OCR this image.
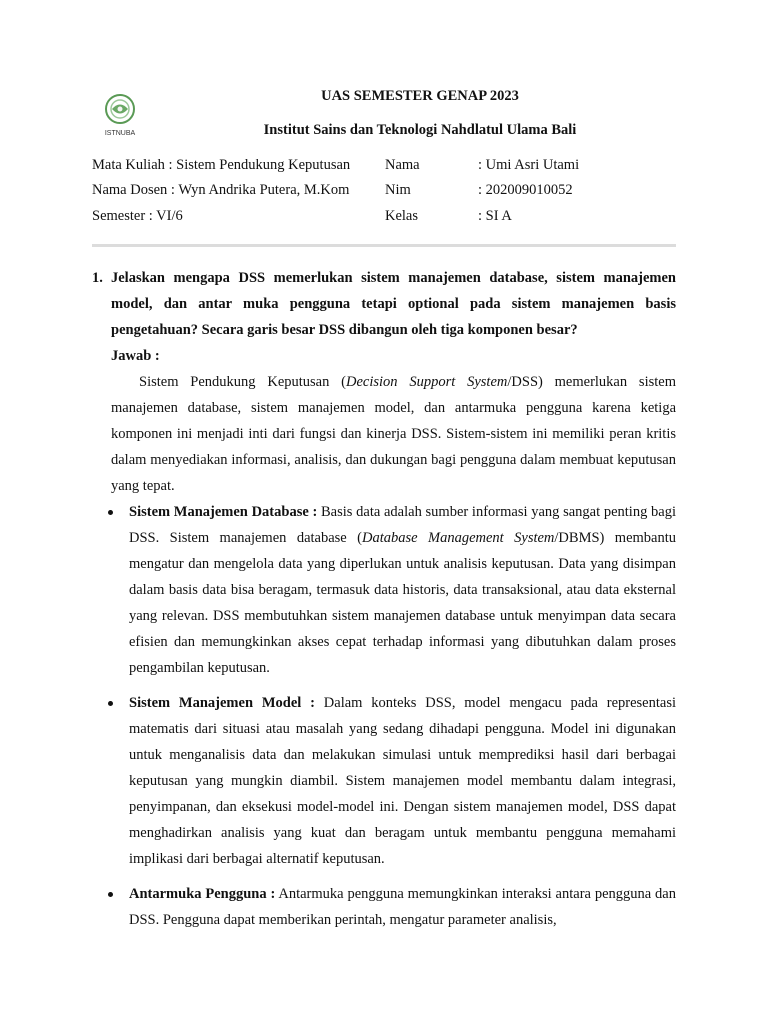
ISTNUBA
UAS SEMESTER GENAP 2023
Institut Sains dan Teknologi Nahdlatul Ulama Bali
Mata Kuliah : Sistem Pendukung Keputusan
Nama Dosen : Wyn Andrika Putera, M.Kom
Semester : VI/6
Nama
Nim
Kelas
: Umi Asri Utami
: 202009010052
: SI A
1. Jelaskan mengapa DSS memerlukan sistem manajemen database, sistem manajemen model, dan antar muka pengguna tetapi optional pada sistem manajemen basis pengetahuan? Secara garis besar DSS dibangun oleh tiga komponen besar?
Jawab :
Sistem Pendukung Keputusan (Decision Support System/DSS) memerlukan sistem manajemen database, sistem manajemen model, dan antarmuka pengguna karena ketiga komponen ini menjadi inti dari fungsi dan kinerja DSS. Sistem-sistem ini memiliki peran kritis dalam menyediakan informasi, analisis, dan dukungan bagi pengguna dalam membuat keputusan yang tepat.
Sistem Manajemen Database : Basis data adalah sumber informasi yang sangat penting bagi DSS. Sistem manajemen database (Database Management System/DBMS) membantu mengatur dan mengelola data yang diperlukan untuk analisis keputusan. Data yang disimpan dalam basis data bisa beragam, termasuk data historis, data transaksional, atau data eksternal yang relevan. DSS membutuhkan sistem manajemen database untuk menyimpan data secara efisien dan memungkinkan akses cepat terhadap informasi yang dibutuhkan dalam proses pengambilan keputusan.
Sistem Manajemen Model : Dalam konteks DSS, model mengacu pada representasi matematis dari situasi atau masalah yang sedang dihadapi pengguna. Model ini digunakan untuk menganalisis data dan melakukan simulasi untuk memprediksi hasil dari berbagai keputusan yang mungkin diambil. Sistem manajemen model membantu dalam integrasi, penyimpanan, dan eksekusi model-model ini. Dengan sistem manajemen model, DSS dapat menghadirkan analisis yang kuat dan beragam untuk membantu pengguna memahami implikasi dari berbagai alternatif keputusan.
Antarmuka Pengguna : Antarmuka pengguna memungkinkan interaksi antara pengguna dan DSS. Pengguna dapat memberikan perintah, mengatur parameter analisis,
